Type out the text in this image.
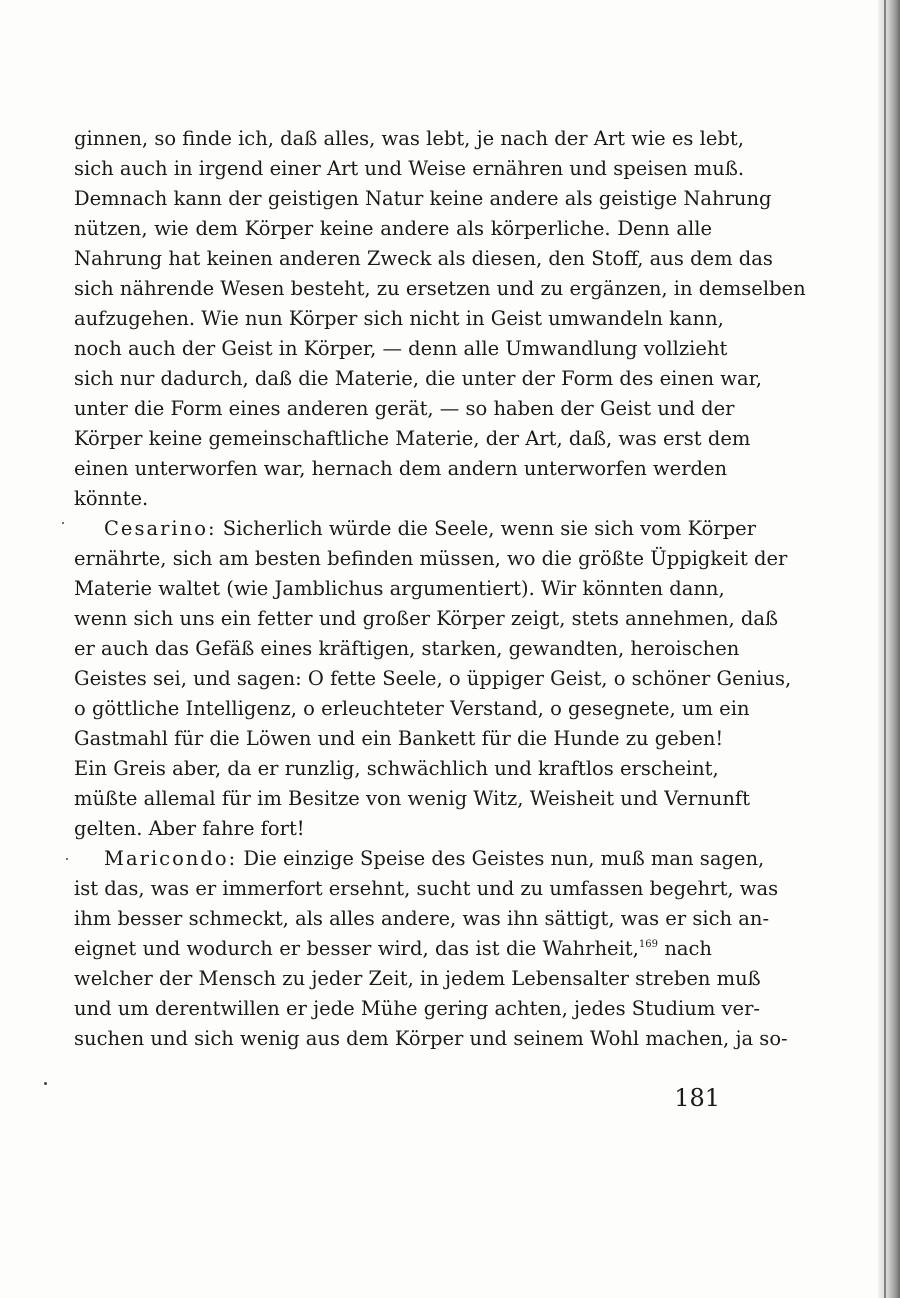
ginnen, so finde ich, daß alles, was lebt, je nach der Art wie es lebt,
sich auch in irgend einer Art und Weise ernähren und speisen muß.
Demnach kann der geistigen Natur keine andere als geistige Nahrung
nützen, wie dem Körper keine andere als körperliche. Denn alle
Nahrung hat keinen anderen Zweck als diesen, den Stoff, aus dem das
sich nährende Wesen besteht, zu ersetzen und zu ergänzen, in demselben
aufzugehen. Wie nun Körper sich nicht in Geist umwandeln kann,
noch auch der Geist in Körper, — denn alle Umwandlung vollzieht
sich nur dadurch, daß die Materie, die unter der Form des einen war,
unter die Form eines anderen gerät, — so haben der Geist und der
Körper keine gemeinschaftliche Materie, der Art, daß, was erst dem
einen unterworfen war, hernach dem andern unterworfen werden
könnte.
Cesarino: Sicherlich würde die Seele, wenn sie sich vom Körper
ernährte, sich am besten befinden müssen, wo die größte Üppigkeit der
Materie waltet (wie Jamblichus argumentiert). Wir könnten dann,
wenn sich uns ein fetter und großer Körper zeigt, stets annehmen, daß
er auch das Gefäß eines kräftigen, starken, gewandten, heroischen
Geistes sei, und sagen: O fette Seele, o üppiger Geist, o schöner Genius,
o göttliche Intelligenz, o erleuchteter Verstand, o gesegnete, um ein
Gastmahl für die Löwen und ein Bankett für die Hunde zu geben!
Ein Greis aber, da er runzlig, schwächlich und kraftlos erscheint,
müßte allemal für im Besitze von wenig Witz, Weisheit und Vernunft
gelten. Aber fahre fort!
Maricondo: Die einzige Speise des Geistes nun, muß man sagen,
ist das, was er immerfort ersehnt, sucht und zu umfassen begehrt, was
ihm besser schmeckt, als alles andere, was ihn sättigt, was er sich an-
eignet und wodurch er besser wird, das ist die Wahrheit,$^{169}$ nach
welcher der Mensch zu jeder Zeit, in jedem Lebensalter streben muß
und um derentwillen er jede Mühe gering achten, jedes Studium ver-
suchen und sich wenig aus dem Körper und seinem Wohl machen, ja so-
181
